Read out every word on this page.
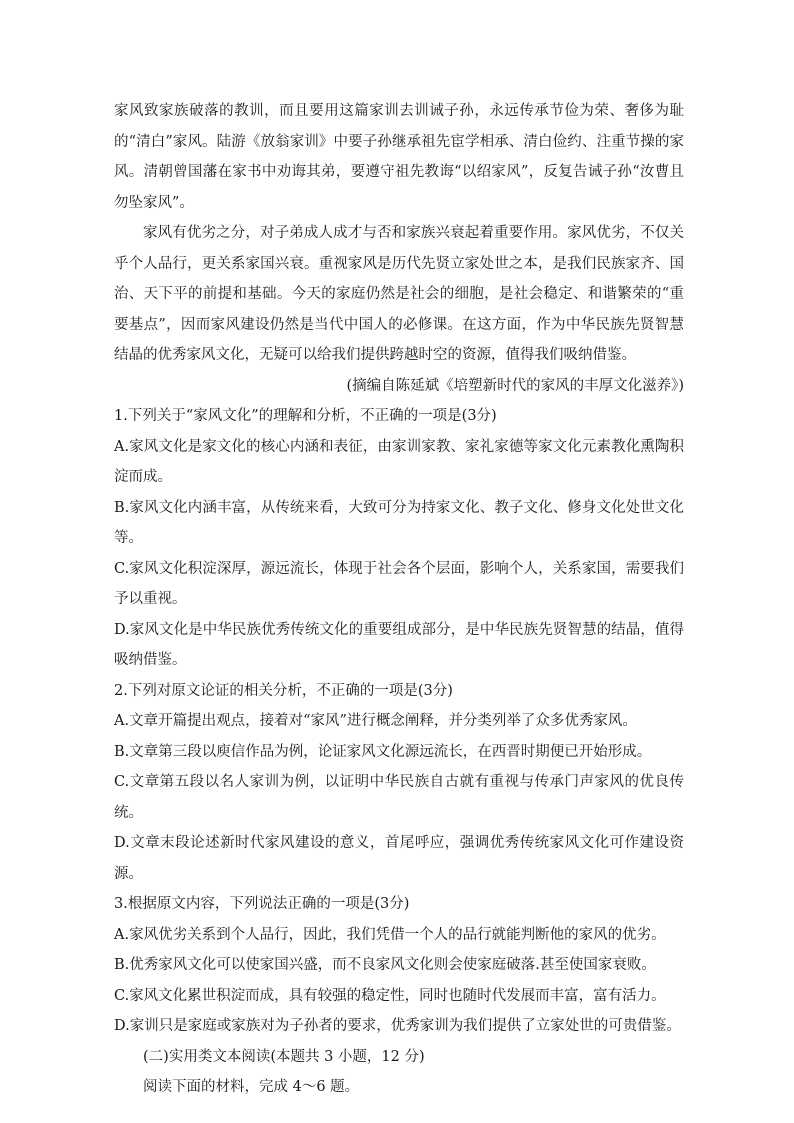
家风致家族破落的教训，而且要用这篇家训去训诫子孙，永远传承节俭为荣、奢侈为耻的“清白”家风。陆游《放翁家训》中要子孙继承祖先宦学相承、清白俭约、注重节操的家风。清朝曾国藩在家书中劝诲其弟，要遵守祖先教诲“以绍家风”，反复告诫子孙“汝曹且勿坠家风”。

家风有优劣之分，对子弟成人成才与否和家族兴衰起着重要作用。家风优劣，不仅关乎个人品行，更关系家国兴衰。重视家风是历代先贤立家处世之本，是我们民族家齐、国治、天下平的前提和基础。今天的家庭仍然是社会的细胞，是社会稳定、和谐繁荣的“重要基点”，因而家风建设仍然是当代中国人的必修课。在这方面，作为中华民族先贤智慧结晶的优秀家风文化，无疑可以给我们提供跨越时空的资源，值得我们吸纳借鉴。

(摘编自陈延斌《培塑新时代的家风的丰厚文化滋养》)

1.下列关于“家风文化”的理解和分析，不正确的一项是(3分)

A.家风文化是家文化的核心内涵和表征，由家训家教、家礼家德等家文化元素教化熏陶积淀而成。

B.家风文化内涵丰富，从传统来看，大致可分为持家文化、教子文化、修身文化处世文化等。

C.家风文化积淀深厚，源远流长，体现于社会各个层面，影响个人，关系家国，需要我们予以重视。

D.家风文化是中华民族优秀传统文化的重要组成部分，是中华民族先贤智慧的结晶，值得吸纳借鉴。

2.下列对原文论证的相关分析，不正确的一项是(3分)

A.文章开篇提出观点，接着对“家风”进行概念阐释，并分类列举了众多优秀家风。

B.文章第三段以庾信作品为例，论证家风文化源远流长，在西晋时期便已开始形成。

C.文章第五段以名人家训为例，以证明中华民族自古就有重视与传承门声家风的优良传统。

D.文章末段论述新时代家风建设的意义，首尾呼应，强调优秀传统家风文化可作建设资源。

3.根据原文内容，下列说法正确的一项是(3分)

A.家风优劣关系到个人品行，因此，我们凭借一个人的品行就能判断他的家风的优劣。

B.优秀家风文化可以使家国兴盛，而不良家风文化则会使家庭破落.甚至使国家衰败。

C.家风文化累世积淀而成，具有较强的稳定性，同时也随时代发展而丰富，富有活力。

D.家训只是家庭或家族对为子孙者的要求，优秀家训为我们提供了立家处世的可贵借鉴。

(二)实用类文本阅读(本题共 3 小题，12 分)

阅读下面的材料，完成 4～6 题。
